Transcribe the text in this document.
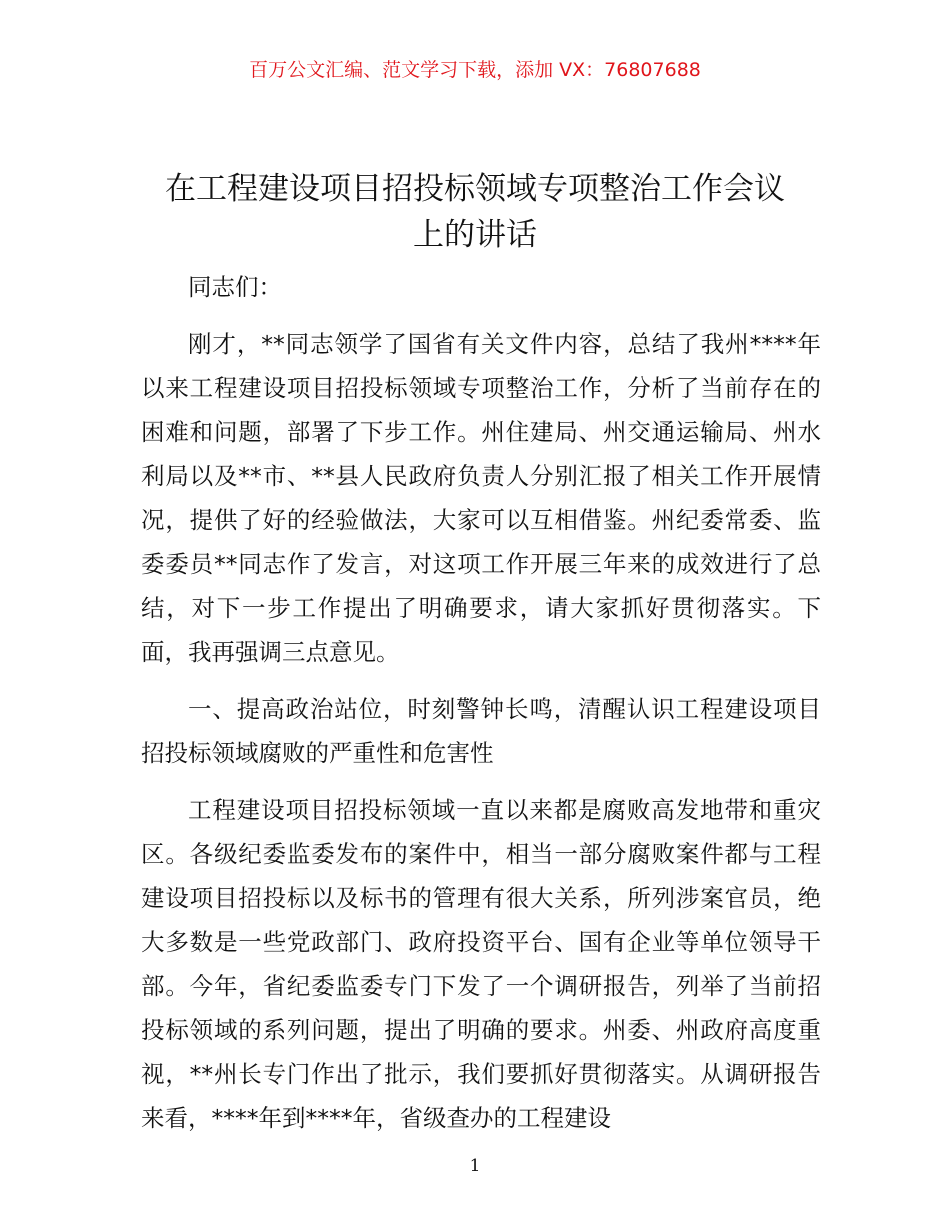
百万公文汇编、范文学习下载，添加 VX：76807688
在工程建设项目招投标领域专项整治工作会议
上的讲话

同志们：

刚才，**同志领学了国省有关文件内容，总结了我州****年以来工程建设项目招投标领域专项整治工作，分析了当前存在的困难和问题，部署了下步工作。州住建局、州交通运输局、州水利局以及**市、**县人民政府负责人分别汇报了相关工作开展情况，提供了好的经验做法，大家可以互相借鉴。州纪委常委、监委委员**同志作了发言，对这项工作开展三年来的成效进行了总结，对下一步工作提出了明确要求，请大家抓好贯彻落实。下面，我再强调三点意见。

一、提高政治站位，时刻警钟长鸣，清醒认识工程建设项目招投标领域腐败的严重性和危害性

工程建设项目招投标领域一直以来都是腐败高发地带和重灾区。各级纪委监委发布的案件中，相当一部分腐败案件都与工程建设项目招投标以及标书的管理有很大关系，所列涉案官员，绝大多数是一些党政部门、政府投资平台、国有企业等单位领导干部。今年，省纪委监委专门下发了一个调研报告，列举了当前招投标领域的系列问题，提出了明确的要求。州委、州政府高度重视，**州长专门作出了批示，我们要抓好贯彻落实。从调研报告来看，****年到****年，省级查办的工程建设

1
